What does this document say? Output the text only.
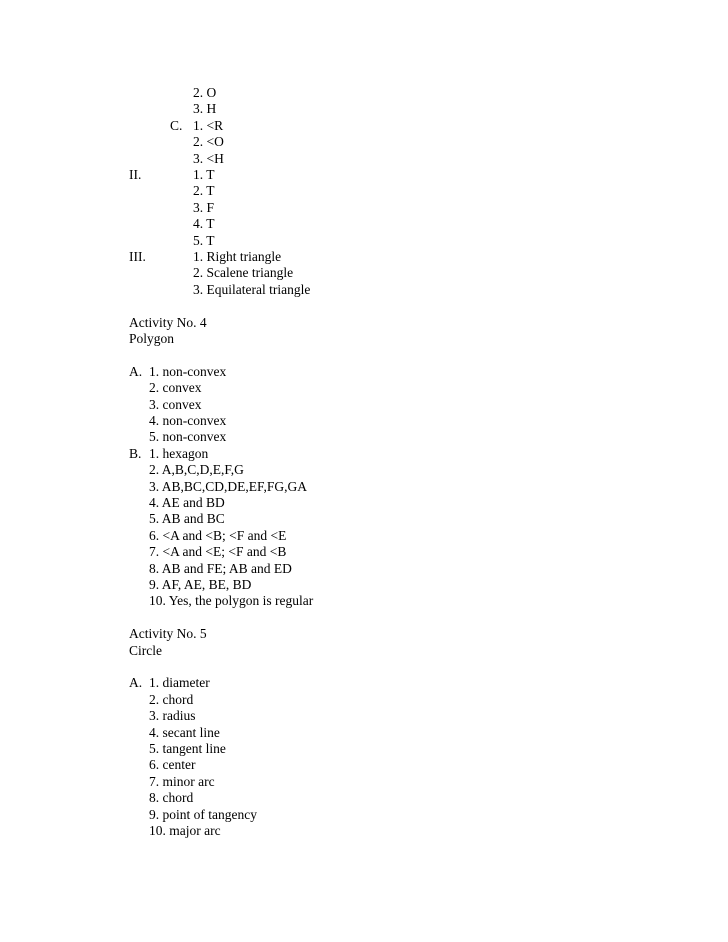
2. O
3. H
C. 1. <R
2. <O
3. <H
II.	1. T
2. T
3. F
4. T
5. T
III.	1. Right triangle
2. Scalene triangle
3. Equilateral triangle
Activity No. 4
Polygon
A. 1. non-convex
2. convex
3. convex
4. non-convex
5. non-convex
B. 1. hexagon
2. A,B,C,D,E,F,G
3. AB,BC,CD,DE,EF,FG,GA
4. AE and BD
5. AB and BC
6. <A and <B; <F and <E
7. <A and <E; <F and <B
8. AB and FE; AB and ED
9. AF, AE, BE, BD
10. Yes, the polygon is regular
Activity No. 5
Circle
A. 1. diameter
2. chord
3. radius
4. secant line
5. tangent line
6. center
7. minor arc
8. chord
9. point of tangency
10. major arc
